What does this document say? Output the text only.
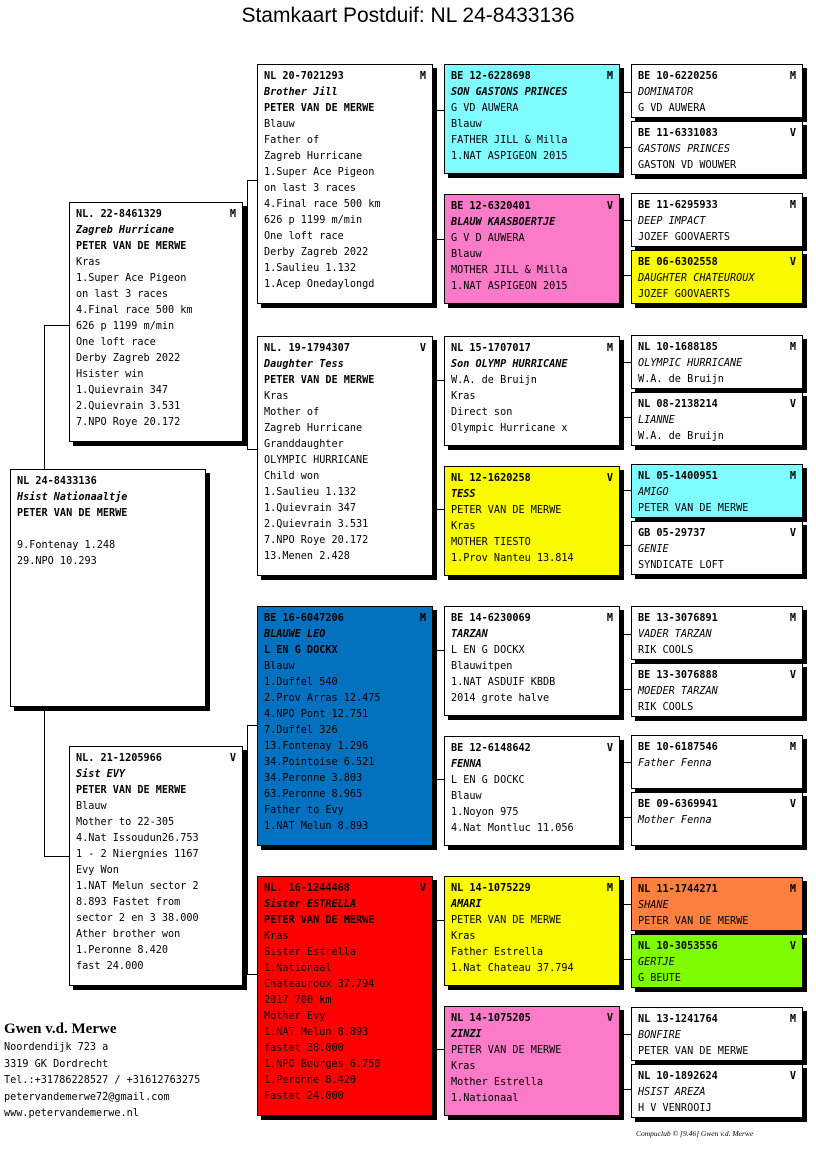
Stamkaart Postduif: NL 24-8433136
NL 24-8433136
Hsist Nationaaltje
PETER VAN DE MERWE
9.Fontenay 1.248
29.NPO 10.293
NL. 22-8461329	M
Zagreb Hurricane
PETER VAN DE MERWE
Kras
1.Super Ace Pigeon
on last 3 races
4.Final race 500 km
626 p 1199 m/min
One loft race
Derby Zagreb 2022
Hsister win
1.Quievrain 347
2.Quievrain 3.531
7.NPO Roye 20.172
NL. 21-1205966	V
Sist EVY
PETER VAN DE MERWE
Blauw
Mother to 22-305
4.Nat Issoudun26.753
1 - 2 Niergnies 1167
Evy Won
1.NAT Melun sector 2
8.893 Fastet from
sector 2 en 3 38.000
Ather brother won
1.Peronne 8.420
fast 24.000
NL 20-7021293	M
Brother Jill
PETER VAN DE MERWE
Blauw
Father of
Zagreb Hurricane
1.Super Ace Pigeon
on last 3 races
4.Final race 500 km
626 p 1199 m/min
One loft race
Derby Zagreb 2022
1.Saulieu 1.132
1.Acep Onedaylongd
NL. 19-1794307	V
Daughter Tess
PETER VAN DE MERWE
Kras
Mother of
Zagreb Hurricane
Granddaughter
OLYMPIC HURRICANE
Child won
1.Saulieu 1.132
1.Quievrain 347
2.Quievrain 3.531
7.NPO Roye 20.172
13.Menen 2.428
BE 16-6047206	M
BLAUWE LEO
L EN G DOCKX
Blauw
1.Duffel 540
2.Prov Arras 12.475
4.NPO Pont 12.751
7.Duffel 326
13.Fontenay 1.296
34.Pointoise 6.521
34.Peronne 3.803
63.Peronne 8.965
Father to Evy
1.NAT Melun 8.893
NL. 16-1244468	V
Sister ESTRELLA
PETER VAN DE MERWE
Kras
Sister Estrella
1.Nationaal
Chateauroux 37.794
2017 700 km
Mother Evy
1.NAT Melun 8.893
fastet 38.000
1.NPO Bourges 6.750
1.Peronne 8.420
Fastet 24.000
BE 12-6228698	M
SON GASTONS PRINCES
G VD AUWERA
Blauw
FATHER JILL & Milla
1.NAT ASPIGEON 2015
BE 12-6320401	V
BLAUW KAASBOERTJE
G V D AUWERA
Blauw
MOTHER JILL & Milla
1.NAT ASPIGEON 2015
NL 15-1707017	M
Son OLYMP HURRICANE
W.A. de Bruijn
Kras
Direct son
Olympic Hurricane x
NL 12-1620258	V
TESS
PETER VAN DE MERWE
Kras
MOTHER TIESTO
1.Prov Nanteu 13.814
BE 14-6230069	M
TARZAN
L EN G DOCKX
Blauwitpen
1.NAT ASDUIF KBDB
2014 grote halve
BE 12-6148642	V
FENNA
L EN G DOCKC
Blauw
1.Noyon 975
4.Nat Montluc 11.056
NL 14-1075229	M
AMARI
PETER VAN DE MERWE
Kras
Father Estrella
1.Nat Chateau 37.794
NL 14-1075205	V
ZINZI
PETER VAN DE MERWE
Kras
Mother Estrella
1.Nationaal
BE 10-6220256	M
DOMINATOR
G VD AUWERA
BE 11-6331083	V
GASTONS PRINCES
GASTON VD WOUWER
BE 11-6295933	M
DEEP IMPACT
JOZEF GOOVAERTS
BE 06-6302558	V
DAUGHTER CHATEUROUX
JOZEF GOOVAERTS
NL 10-1688185	M
OLYMPIC HURRICANE
W.A. de Bruijn
NL 08-2138214	V
LIANNE
W.A. de Bruijn
NL 05-1400951	M
AMIGO
PETER VAN DE MERWE
GB 05-29737	V
GENIE
SYNDICATE LOFT
BE 13-3076891	M
VADER TARZAN
RIK COOLS
BE 13-3076888	V
MOEDER TARZAN
RIK COOLS
BE 10-6187546	M
Father Fenna
BE 09-6369941	V
Mother Fenna
NL 11-1744271	M
SHANE
PETER VAN DE MERWE
NL 10-3053556	V
GERTJE
G BEUTE
NL 13-1241764	M
BONFIRE
PETER VAN DE MERWE
NL 10-1892624	V
HSIST AREZA
H V VENROOIJ
Gwen v.d. Merwe
Noordendijk 723 a
3319 GK Dordrecht
Tel.:+31786228527 / +31612763275
petervandemerwe72@gmail.com
www.petervandemerwe.nl
Compuclub © [9.46] Gwen v.d. Merwe
